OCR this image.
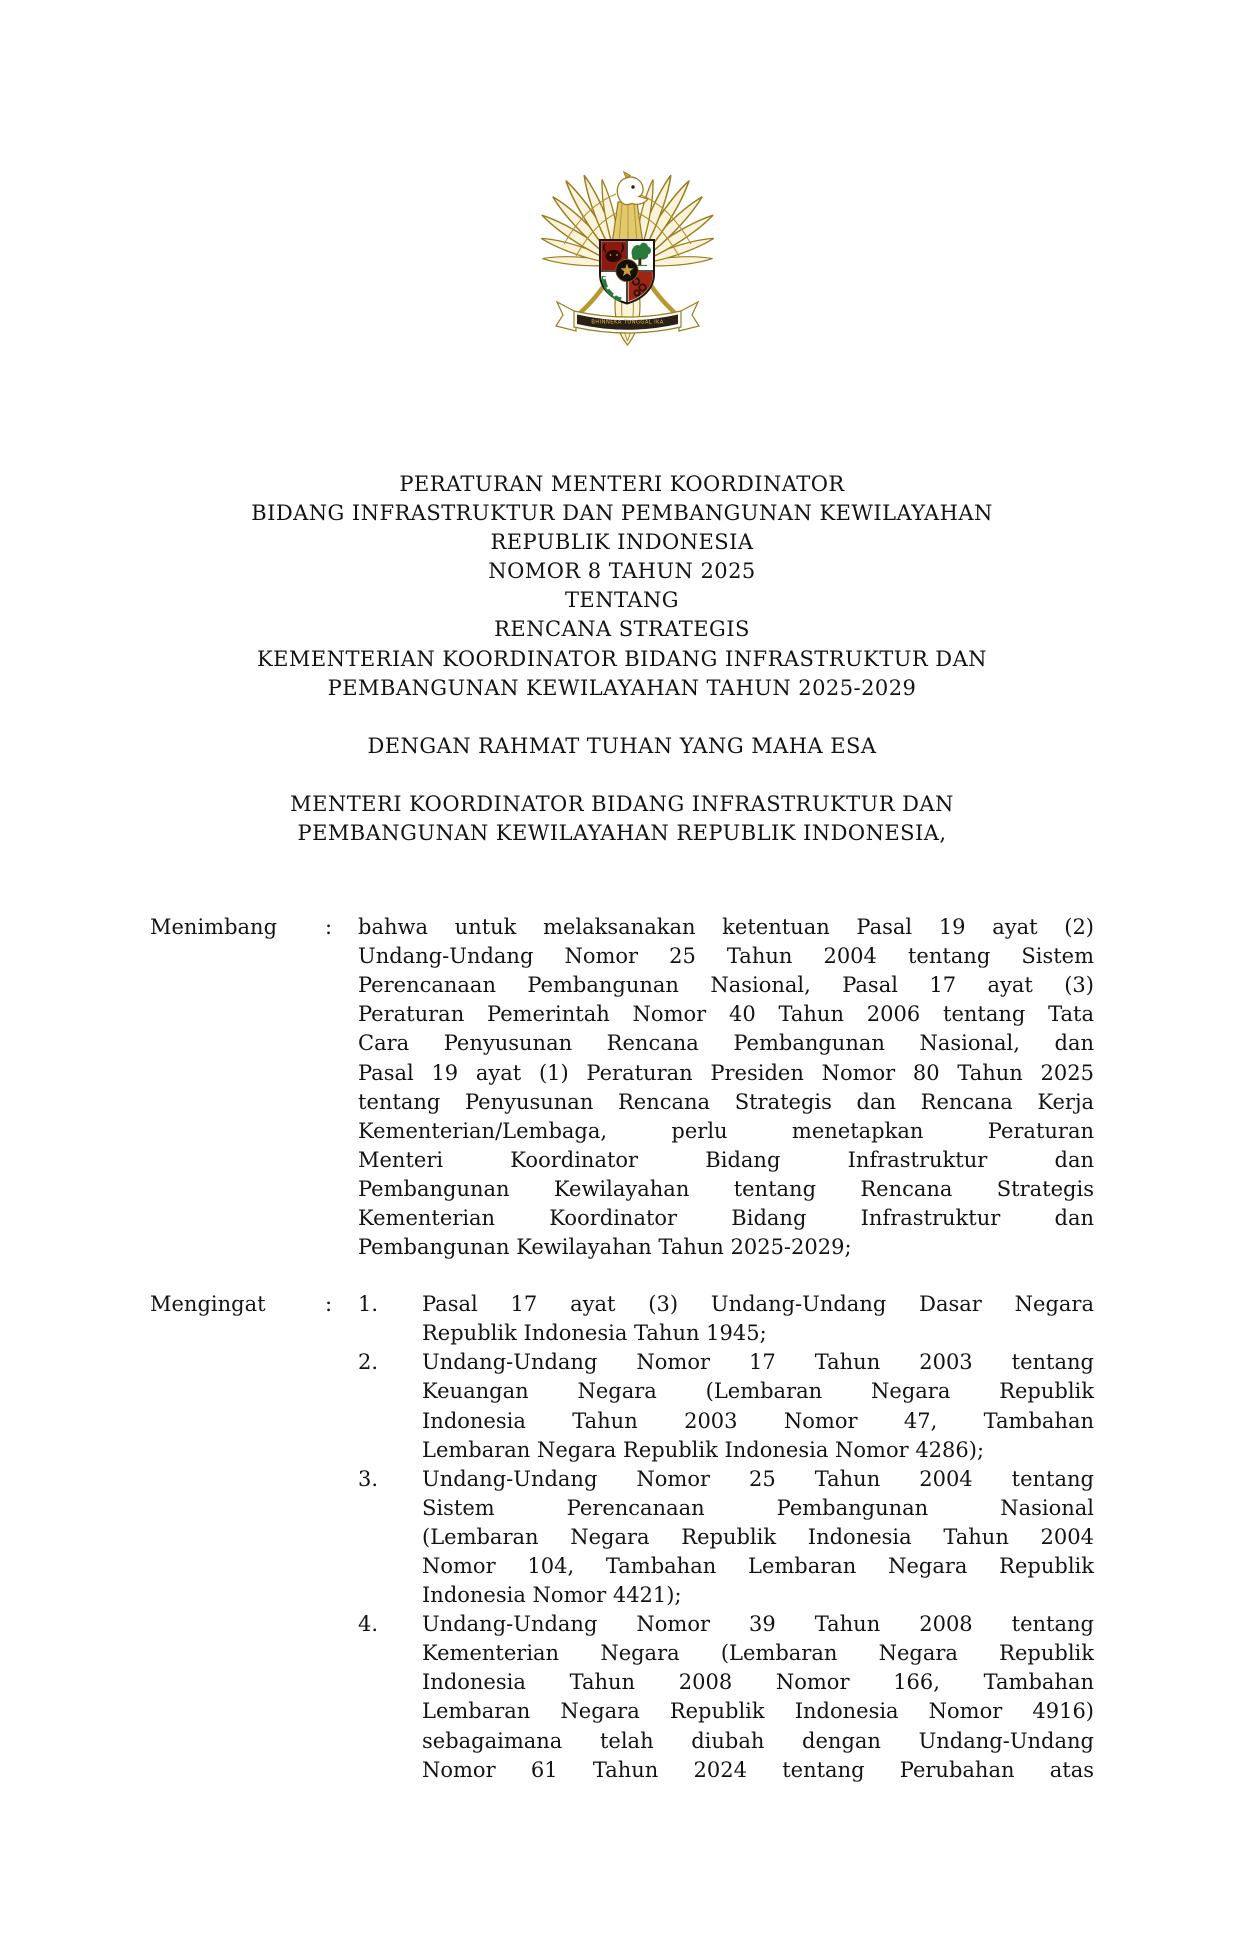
BHINNEKA TUNGGAL IKA
PERATURAN MENTERI KOORDINATOR
BIDANG INFRASTRUKTUR DAN PEMBANGUNAN KEWILAYAHAN
REPUBLIK INDONESIA
NOMOR 8 TAHUN 2025
TENTANG
RENCANA STRATEGIS
KEMENTERIAN KOORDINATOR BIDANG INFRASTRUKTUR DAN
PEMBANGUNAN KEWILAYAHAN TAHUN 2025-2029
DENGAN RAHMAT TUHAN YANG MAHA ESA
MENTERI KOORDINATOR BIDANG INFRASTRUKTUR DAN
PEMBANGUNAN KEWILAYAHAN REPUBLIK INDONESIA,
Menimbang	:	bahwa untuk melaksanakan ketentuan Pasal 19 ayat (2)
Undang-Undang Nomor 25 Tahun 2004 tentang Sistem
Perencanaan Pembangunan Nasional, Pasal 17 ayat (3)
Peraturan Pemerintah Nomor 40 Tahun 2006 tentang Tata
Cara Penyusunan Rencana Pembangunan Nasional, dan
Pasal 19 ayat (1) Peraturan Presiden Nomor 80 Tahun 2025
tentang Penyusunan Rencana Strategis dan Rencana Kerja
Kementerian/Lembaga, perlu menetapkan Peraturan
Menteri Koordinator Bidang Infrastruktur dan
Pembangunan Kewilayahan tentang Rencana Strategis
Kementerian Koordinator Bidang Infrastruktur dan
Pembangunan Kewilayahan Tahun 2025-2029;
Mengingat	:	1.	Pasal 17 ayat (3) Undang-Undang Dasar Negara
Republik Indonesia Tahun 1945;
2.	Undang-Undang Nomor 17 Tahun 2003 tentang
Keuangan Negara (Lembaran Negara Republik
Indonesia Tahun 2003 Nomor 47, Tambahan
Lembaran Negara Republik Indonesia Nomor 4286);
3.	Undang-Undang Nomor 25 Tahun 2004 tentang
Sistem Perencanaan Pembangunan Nasional
(Lembaran Negara Republik Indonesia Tahun 2004
Nomor 104, Tambahan Lembaran Negara Republik
Indonesia Nomor 4421);
4.	Undang-Undang Nomor 39 Tahun 2008 tentang
Kementerian Negara (Lembaran Negara Republik
Indonesia Tahun 2008 Nomor 166, Tambahan
Lembaran Negara Republik Indonesia Nomor 4916)
sebagaimana telah diubah dengan Undang-Undang
Nomor 61 Tahun 2024 tentang Perubahan atas
